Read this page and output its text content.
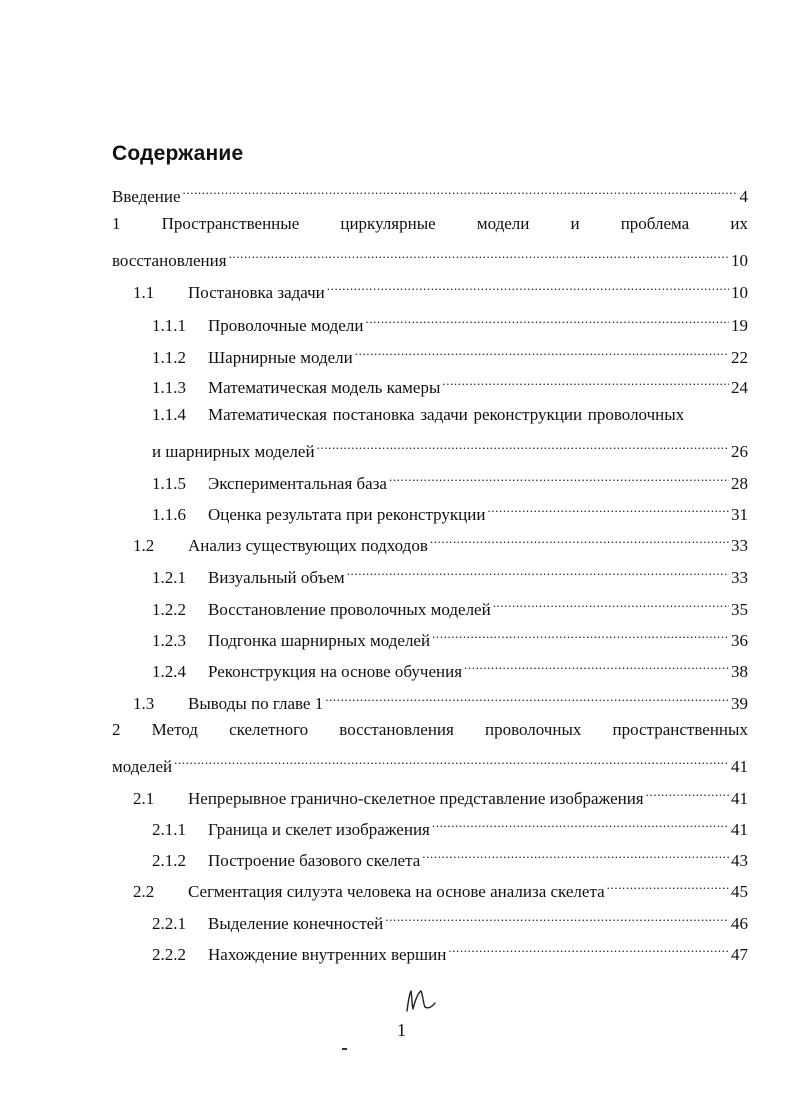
Содержание
Введение .....	4
1 Пространственные циркулярные модели и проблема их
восстановления .....	10
1.1	Постановка задачи .....	10
1.1.1	Проволочные модели .....	19
1.1.2	Шарнирные модели .....	22
1.1.3	Математическая модель камеры .....	24
1.1.4	Математическая постановка задачи реконструкции проволочных
и шарнирных моделей .....	26
1.1.5	Экспериментальная база .....	28
1.1.6	Оценка результата при реконструкции .....	31
1.2	Анализ существующих подходов .....	33
1.2.1	Визуальный объем .....	33
1.2.2	Восстановление проволочных моделей .....	35
1.2.3	Подгонка шарнирных моделей .....	36
1.2.4	Реконструкция на основе обучения .....	38
1.3	Выводы по главе 1 .....	39
2 Метод скелетного восстановления проволочных пространственных
моделей .....	41
2.1	Непрерывное гранично-скелетное представление изображения .....	41
2.1.1	Граница и скелет изображения .....	41
2.1.2	Построение базового скелета .....	43
2.2	Сегментация силуэта человека на основе анализа скелета .....	45
2.2.1	Выделение конечностей .....	46
2.2.2	Нахождение внутренних вершин .....	47
1
